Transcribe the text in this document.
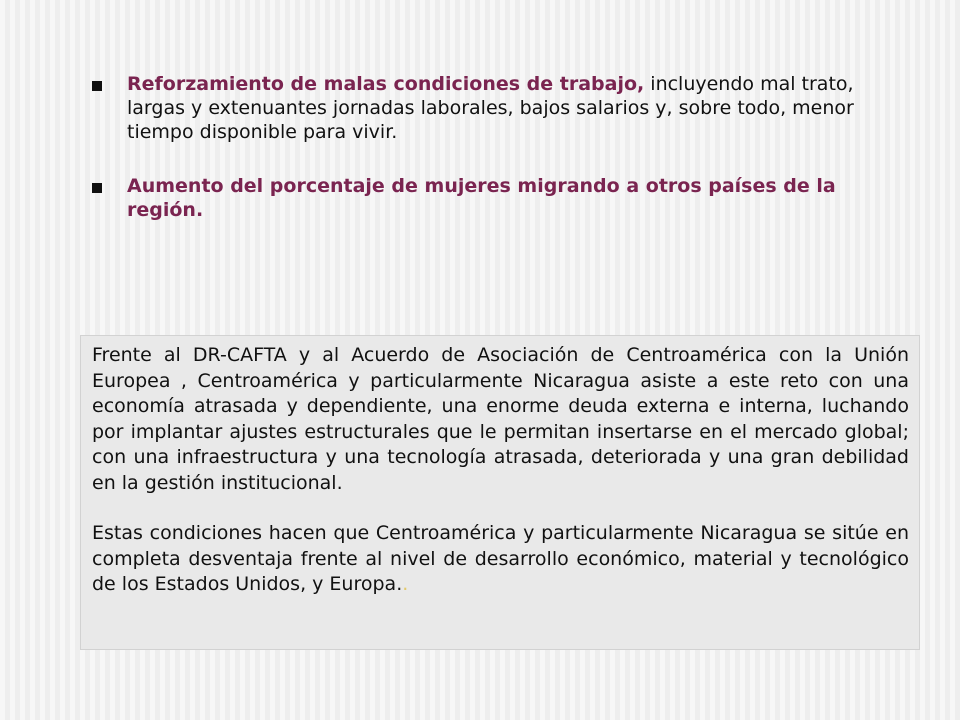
Reforzamiento de malas condiciones de trabajo, incluyendo mal trato, largas y extenuantes jornadas laborales, bajos salarios y, sobre todo, menor tiempo disponible para vivir.
Aumento del porcentaje de mujeres migrando a otros países de la región.

Frente al DR-CAFTA y al Acuerdo de Asociación de Centroamérica con la Unión Europea , Centroamérica y particularmente Nicaragua asiste a este reto con una economía atrasada y dependiente, una enorme deuda externa e interna, luchando por implantar ajustes estructurales que le permitan insertarse en el mercado global; con una infraestructura y una tecnología atrasada, deteriorada y una gran debilidad en la gestión institucional.

Estas condiciones hacen que Centroamérica y particularmente Nicaragua se sitúe en completa desventaja frente al nivel de desarrollo económico, material y tecnológico de los Estados Unidos, y Europa..
